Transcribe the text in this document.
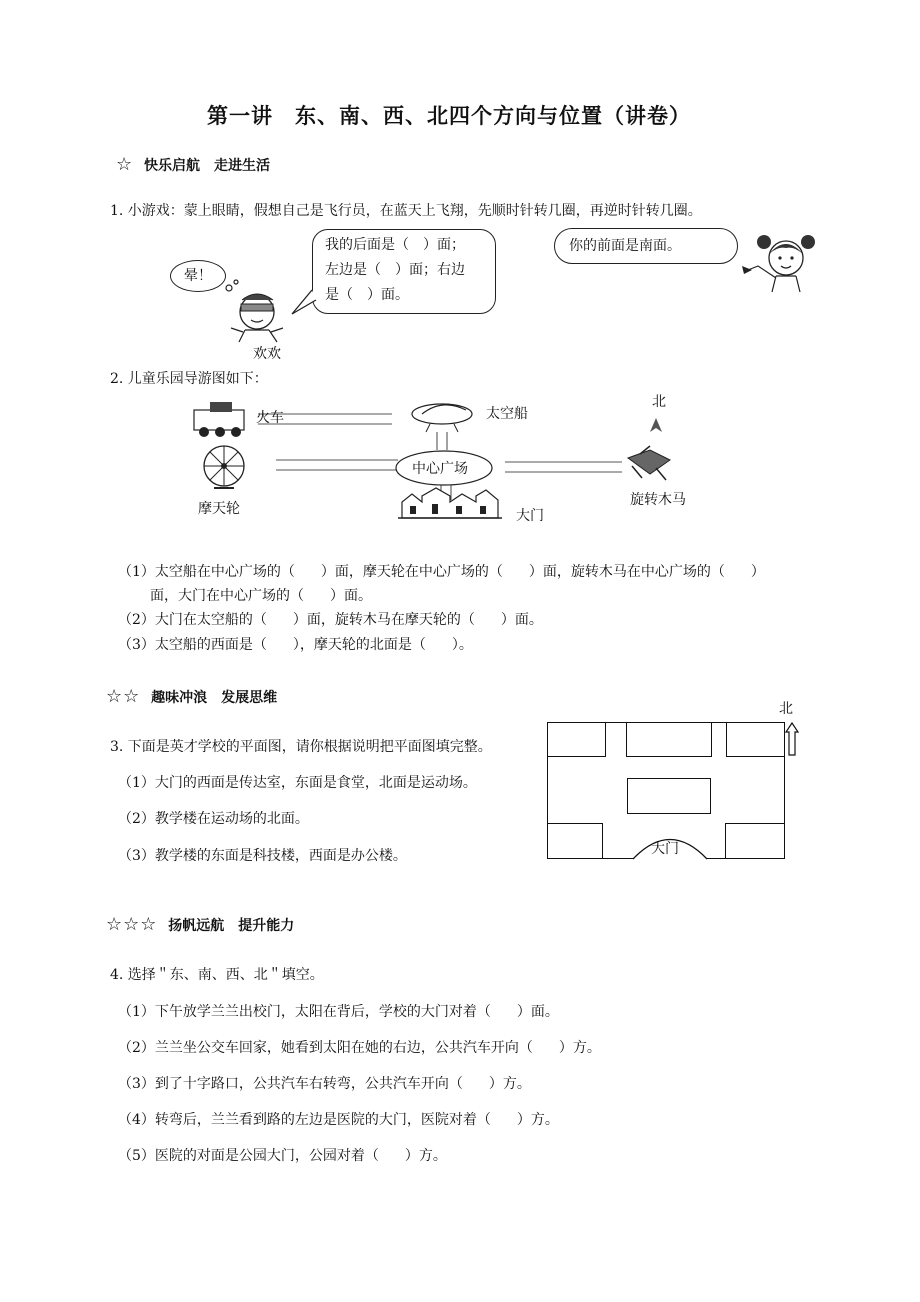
第一讲　东、南、西、北四个方向与位置（讲卷）
☆ 快乐启航　走进生活
1. 小游戏：蒙上眼睛，假想自己是飞行员，在蓝天上飞翔，先顺时针转几圈，再逆时针转几圈。
晕！
欢欢
我的后面是（　）面；
左边是（　）面；右边
是（　）面。
你的前面是南面。
2. 儿童乐园导游图如下：
火车	太空船
北
中心广场
摩天轮
旋转木马
大门
（1）太空船在中心广场的（ ）面，摩天轮在中心广场的（ ）面，旋转木马在中心广场的（ ）
面，大门在中心广场的（ ）面。
（2）大门在太空船的（ ）面，旋转木马在摩天轮的（ ）面。
（3）太空船的西面是（ ），摩天轮的北面是（ ）。
☆☆ 趣味冲浪　发展思维
3. 下面是英才学校的平面图，请你根据说明把平面图填完整。
（1）大门的西面是传达室，东面是食堂，北面是运动场。
（2）教学楼在运动场的北面。
（3）教学楼的东面是科技楼，西面是办公楼。	大门
北
☆☆☆ 扬帆远航　提升能力
4. 选择＂东、南、西、北＂填空。
（1）下午放学兰兰出校门，太阳在背后，学校的大门对着（ ）面。
（2）兰兰坐公交车回家，她看到太阳在她的右边，公共汽车开向（ ）方。
（3）到了十字路口，公共汽车右转弯，公共汽车开向（ ）方。
（4）转弯后，兰兰看到路的左边是医院的大门，医院对着（ ）方。
（5）医院的对面是公园大门，公园对着（ ）方。
